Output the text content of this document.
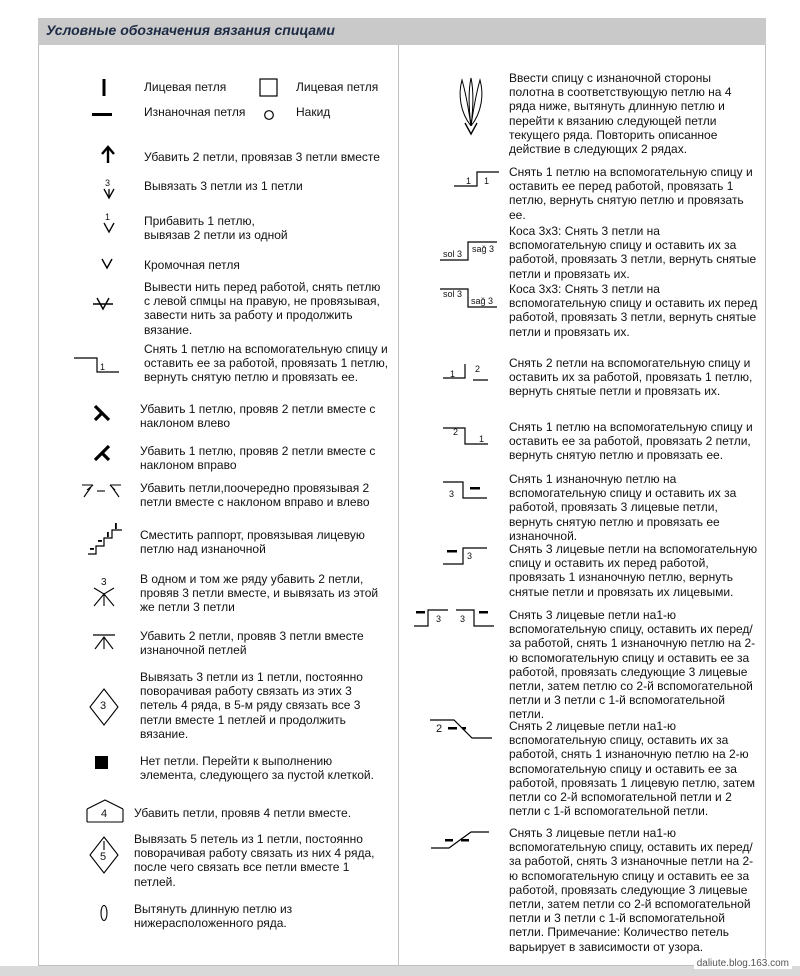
Условные обозначения вязания спицами
Лицевая петля	Лицевая петля
Изнаночная петля	Накид
Убавить 2 петли, провязав 3 петли вместе
3	Вывязать 3 петли из 1 петли
1	Прибавить 1 петлю,
вывязав 2 петли из одной
Кромочная петля
Вывести нить перед работой, снять петлю с левой спмцы на правую, не провязывая, завести нить за работу и продолжить вязание.
1
Снять 1 петлю на вспомогательную спицу и оставить ее за работой, провязать 1 петлю, вернуть снятую петлю и провязать ее.
Убавить 1 петлю, провяв 2 петли вместе с наклоном влево
Убавить 1 петлю, провяв 2 петли вместе с наклоном вправо
Убавить петли,поочередно провязывая 2 петли вместе с наклоном вправо и влево
Сместить раппорт, провязывая лицевую петлю над изнаночной
3	В одном и том же ряду убавить 2 петли, провяв 3 петли вместе, и вывязать из этой же петли 3 петли
Убавить 2 петли, провяв 3 петли вместе изнаночной петлей
3
Вывязать 3 петли из 1 петли, постоянно поворачивая работу связать из этих 3 петель 4 ряда, в 5-м ряду связать все 3 петли вместе 1 петлей и продолжить вязание.
Нет петли. Перейти к выполнению элемента, следующего за пустой клеткой.
4 Убавить петли, провяв 4 петли вместе.
5
Вывязать 5 петель из 1 петли, постоянно поворачивая работу связать из них 4 ряда, после чего связать все петли вместе 1 петлей.
Вытянуть длинную петлю из нижерасположенного ряда.
Ввести спицу с изнаночной стороны полотна в соответствующую петлю на 4 ряда ниже, вытянуть длинную петлю и перейти к вязанию следующей петли текущего ряда. Повторить описанное действие в следующих 2 рядах.
1 1
Снять 1 петлю на вспомогательную спицу и оставить ее перед работой, провязать 1 петлю, вернуть снятую петлю и провязать ее.
sol 3 sağ 3
Коса 3х3: Снять 3 петли на вспомогательную спицу и оставить их за работой, провязать 3 петли, вернуть снятые петли и провязать их.
sol 3
sağ 3
Коса 3х3: Снять 3 петли на вспомогательную спицу и оставить их перед работой, провязать 3 петли, вернуть снятые петли и провязать их.
1 2 Снять 2 петли на вспомогательную спицу и оставить их за работой, провязать 1 петлю, вернуть снятые петли и провязать их.
2
1
Снять 1 петлю на вспомогательную спицу и оставить ее за работой, провязать 2 петли, вернуть снятую петлю и провязать ее.
3
Снять 1 изнаночную петлю на вспомогательную спицу и оставить их за работой, провязать 3 лицевые петли, вернуть снятую петлю и провязать ее изнаночной.
3	Снять 3 лицевые петли на вспомогательную спицу и оставить их перед работой, провязать 1 изнаночную петлю, вернуть снятые петли и провязать их лицевыми.
3 3	Снять 3 лицевые петли на1-ю вспомогательную спицу, оставить их перед/за работой, снять 1 изнаночную петлю на 2-ю вспомогательную спицу и оставить ее за работой, провязать следующие 3 лицевые петли, затем петлю со 2-й вспомогательной петли и 3 петли с 1-й вспомогательной петли.
2	Снять 2 лицевые петли на1-ю вспомогательную спицу, оставить их за работой, снять 1 изнаночную петлю на 2-ю вспомогательную спицу и оставить ее за работой, провязать 1 лицевую петлю, затем петли со 2-й вспомогательной петли и 2 петли с 1-й вспомогательной петли.
Снять 3 лицевые петли на1-ю вспомогательную спицу, оставить их перед/за работой, снять 3 изнаночные петли на 2-ю вспомогательную спицу и оставить ее за работой, провязать следующие 3 лицевые петли, затем петли со 2-й вспомогательной петли и 3 петли с 1-й вспомогательной петли. Примечание: Количество петель варьирует в зависимости от узора.
daliute.blog.163.com
